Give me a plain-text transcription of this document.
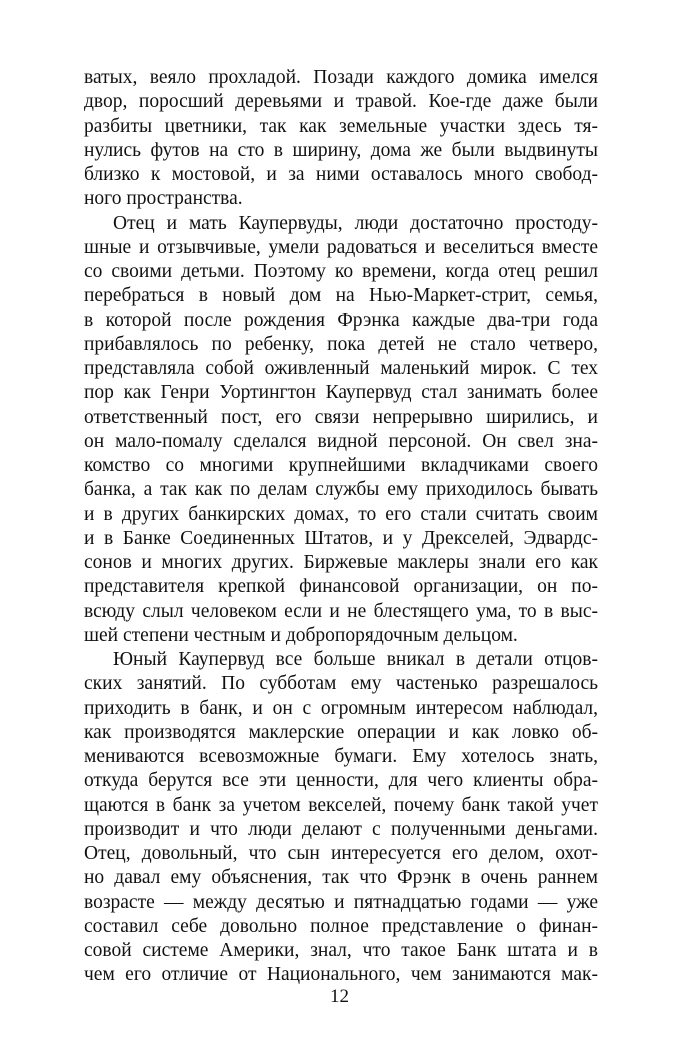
ватых, веяло прохладой. Позади каждого домика имелся
двор, поросший деревьями и травой. Кое-где даже были
разбиты цветники, так как земельные участки здесь тя-
нулись футов на сто в ширину, дома же были выдвинуты
близко к мостовой, и за ними оставалось много свобод-
ного пространства.
Отец и мать Каупервуды, люди достаточно простоду-
шные и отзывчивые, умели радоваться и веселиться вместе
со своими детьми. Поэтому ко времени, когда отец решил
перебраться в новый дом на Нью-Маркет-стрит, семья,
в которой после рождения Фрэнка каждые два-три года
прибавлялось по ребенку, пока детей не стало четверо,
представляла собой оживленный маленький мирок. С тех
пор как Генри Уортингтон Каупервуд стал занимать более
ответственный пост, его связи непрерывно ширились, и
он мало-помалу сделался видной персоной. Он свел зна-
комство со многими крупнейшими вкладчиками своего
банка, а так как по делам службы ему приходилось бывать
и в других банкирских домах, то его стали считать своим
и в Банке Соединенных Штатов, и у Дрекселей, Эдвардс-
сонов и многих других. Биржевые маклеры знали его как
представителя крепкой финансовой организации, он по-
всюду слыл человеком если и не блестящего ума, то в выс-
шей степени честным и добропорядочным дельцом.
Юный Каупервуд все больше вникал в детали отцов-
ских занятий. По субботам ему частенько разрешалось
приходить в банк, и он с огромным интересом наблюдал,
как производятся маклерские операции и как ловко об-
мениваются всевозможные бумаги. Ему хотелось знать,
откуда берутся все эти ценности, для чего клиенты обра-
щаются в банк за учетом векселей, почему банк такой учет
производит и что люди делают с полученными деньгами.
Отец, довольный, что сын интересуется его делом, охот-
но давал ему объяснения, так что Фрэнк в очень раннем
возрасте — между десятью и пятнадцатью годами — уже
составил себе довольно полное представление о финан-
совой системе Америки, знал, что такое Банк штата и в
чем его отличие от Национального, чем занимаются мак-
12
